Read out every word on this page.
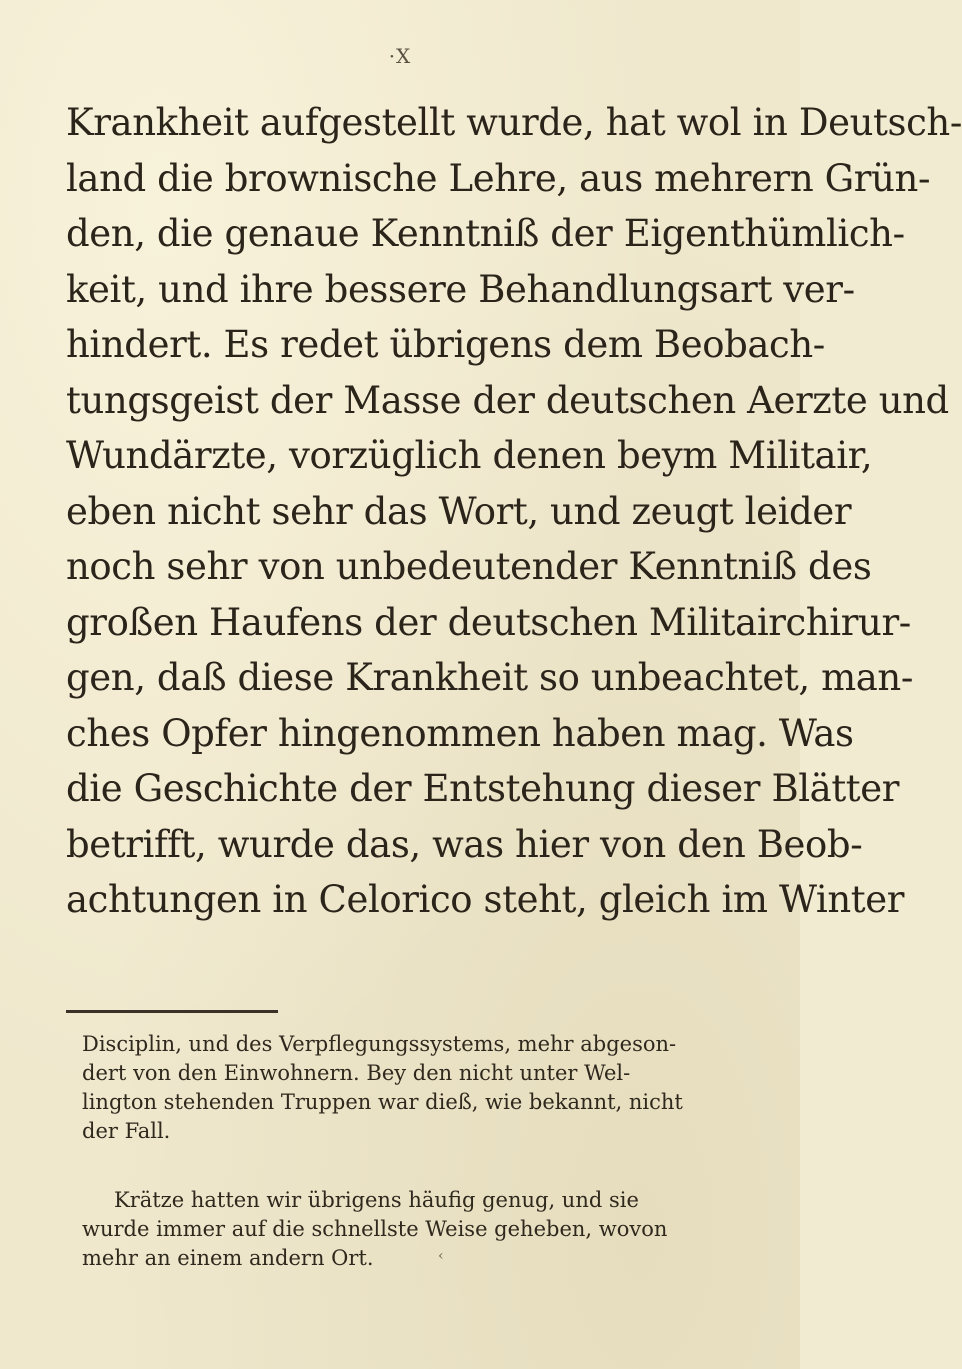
·X
Krankheit aufgestellt wurde, hat wol in Deutsch-
land die brownische Lehre, aus mehrern Grün-
den, die genaue Kenntniß der Eigenthümlich-
keit, und ihre bessere Behandlungsart ver-
hindert. Es redet übrigens dem Beobach-
tungsgeist der Masse der deutschen Aerzte und
Wundärzte, vorzüglich denen beym Militair,
eben nicht sehr das Wort, und zeugt leider
noch sehr von unbedeutender Kenntniß des
großen Haufens der deutschen Militairchirur-
gen, daß diese Krankheit so unbeachtet, man-
ches Opfer hingenommen haben mag. Was
die Geschichte der Entstehung dieser Blätter
betrifft, wurde das, was hier von den Beob-
achtungen in Celorico steht, gleich im Winter
Disciplin, und des Verpflegungssystems, mehr abgeson-
dert von den Einwohnern. Bey den nicht unter Wel-
lington stehenden Truppen war dieß, wie bekannt, nicht
der Fall.
Krätze hatten wir übrigens häufig genug, und sie
wurde immer auf die schnellste Weise geheben, wovon
mehr an einem andern Ort.	‹
